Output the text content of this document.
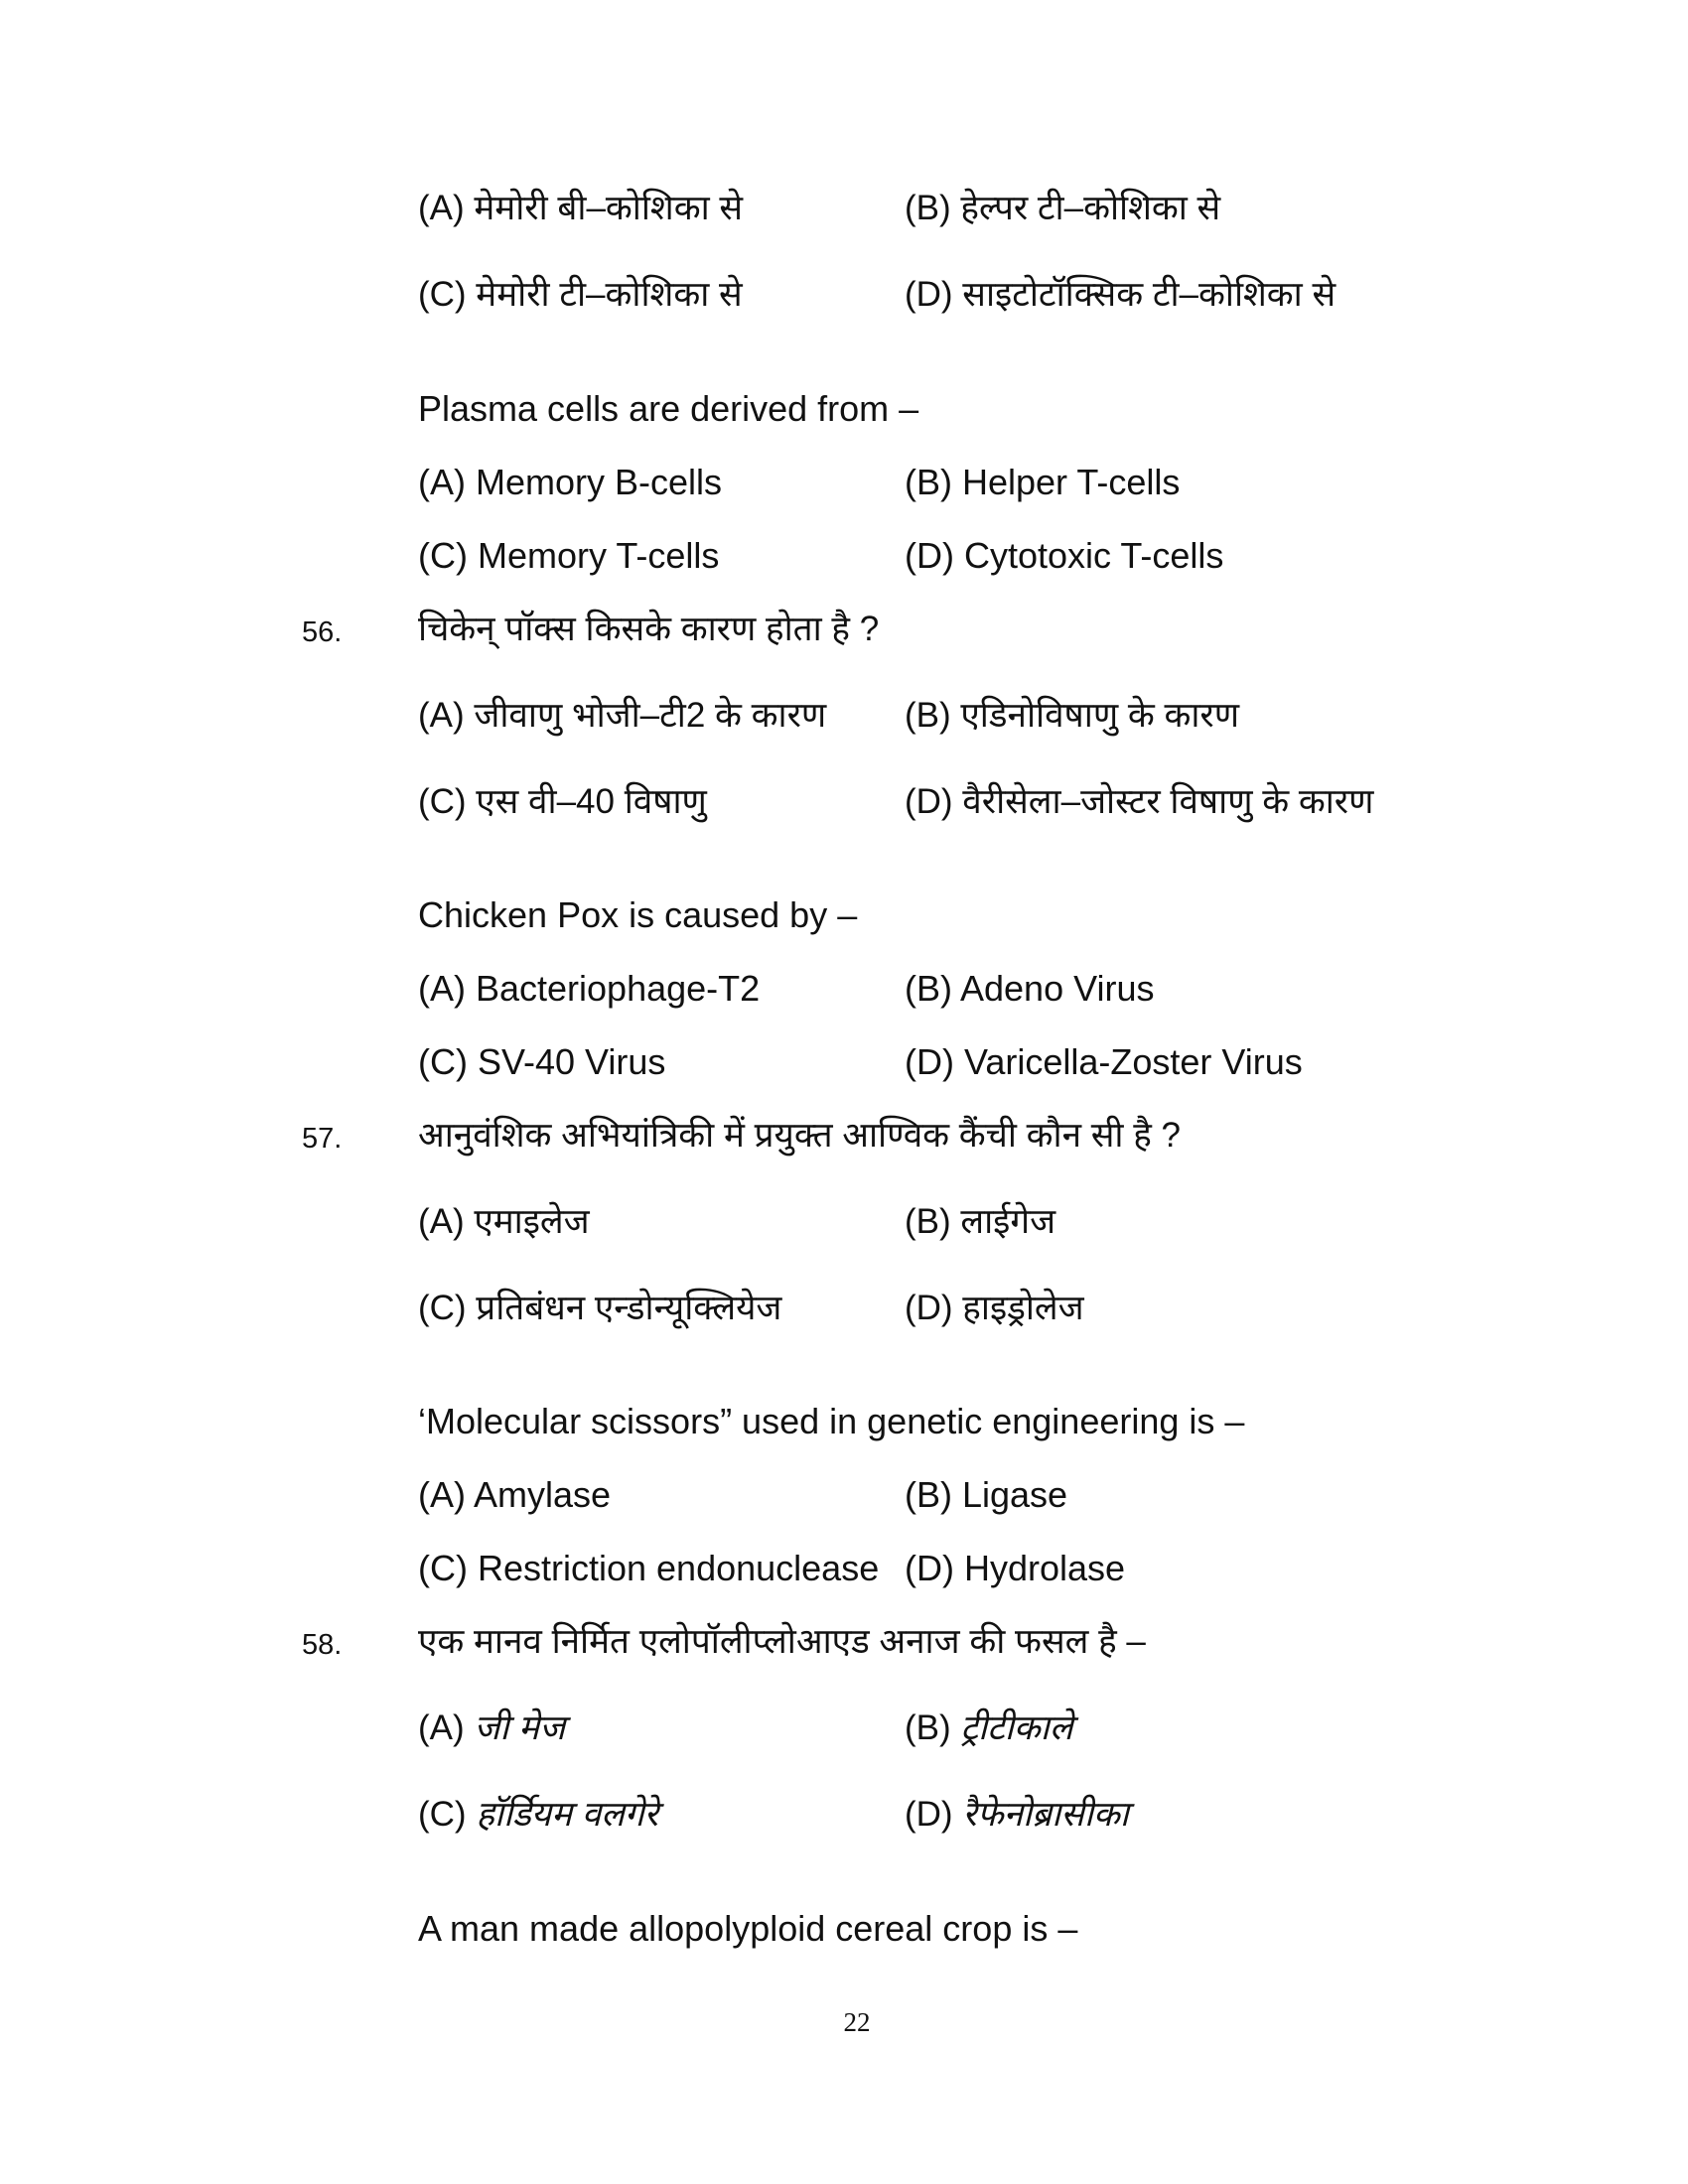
(A) मेमोरी बी–कोशिका से	(B) हेल्पर टी–कोशिका से
(C) मेमोरी टी–कोशिका से	(D) साइटोटॉक्सिक टी–कोशिका से
Plasma cells are derived from –
(A) Memory B-cells	(B) Helper T-cells
(C) Memory T-cells	(D) Cytotoxic T-cells
56. चिकेन् पॉक्स किसके कारण होता है ?
(A) जीवाणु भोजी–टी2 के कारण (B) एडिनोविषाणु के कारण
(C) एस वी–40 विषाणु	(D) वैरीसेला–जोस्टर विषाणु के कारण
Chicken Pox is caused by –
(A) Bacteriophage-T2	(B) Adeno Virus
(C) SV-40 Virus	(D) Varicella-Zoster Virus
57. आनुवंशिक अभियांत्रिकी में प्रयुक्त आण्विक कैंची कौन सी है ?
(A) एमाइलेज	(B) लाईगेज
(C) प्रतिबंधन एन्डोन्यूक्लियेज	(D) हाइड्रोलेज
‘Molecular scissors” used in genetic engineering is –
(A) Amylase	(B) Ligase
(C) Restriction endonuclease (D) Hydrolase
58. एक मानव निर्मित एलोपॉलीप्लोआएड अनाज की फसल है –
(A) जी मेज	(B) ट्रीटीकाले
(C) हॉर्डियम वलगेरे	(D) रैफेनोब्रासीका
A man made allopolyploid cereal crop is –
22
